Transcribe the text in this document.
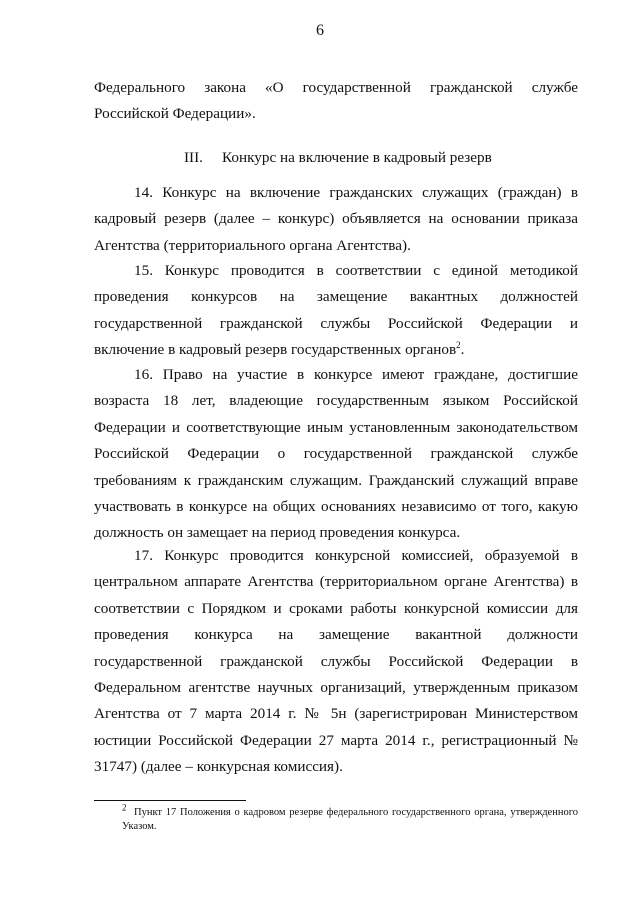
6
Федерального закона «О государственной гражданской службе
Российской Федерации».
III. Конкурс на включение в кадровый резерв
14. Конкурс на включение гражданских служащих (граждан) в кадровый резерв (далее – конкурс) объявляется на основании приказа Агентства (территориального органа Агентства).
15. Конкурс проводится в соответствии с единой методикой проведения конкурсов на замещение вакантных должностей государственной гражданской службы Российской Федерации и включение в кадровый резерв государственных органов$^2$.
16. Право на участие в конкурсе имеют граждане, достигшие возраста 18 лет, владеющие государственным языком Российской Федерации и соответствующие иным установленным законодательством Российской Федерации о государственной гражданской службе требованиям к гражданским служащим. Гражданский служащий вправе участвовать в конкурсе на общих основаниях независимо от того, какую должность он замещает на период проведения конкурса.
17. Конкурс проводится конкурсной комиссией, образуемой в центральном аппарате Агентства (территориальном органе Агентства) в соответствии с Порядком и сроками работы конкурсной комиссии для проведения конкурса на замещение вакантной должности государственной гражданской службы Российской Федерации в Федеральном агентстве научных организаций, утвержденным приказом Агентства от 7 марта 2014 г. № 5н (зарегистрирован Министерством юстиции Российской Федерации 27 марта 2014 г., регистрационный № 31747) (далее – конкурсная комиссия).
$^2$ Пункт 17 Положения о кадровом резерве федерального государственного органа, утвержденного Указом.
